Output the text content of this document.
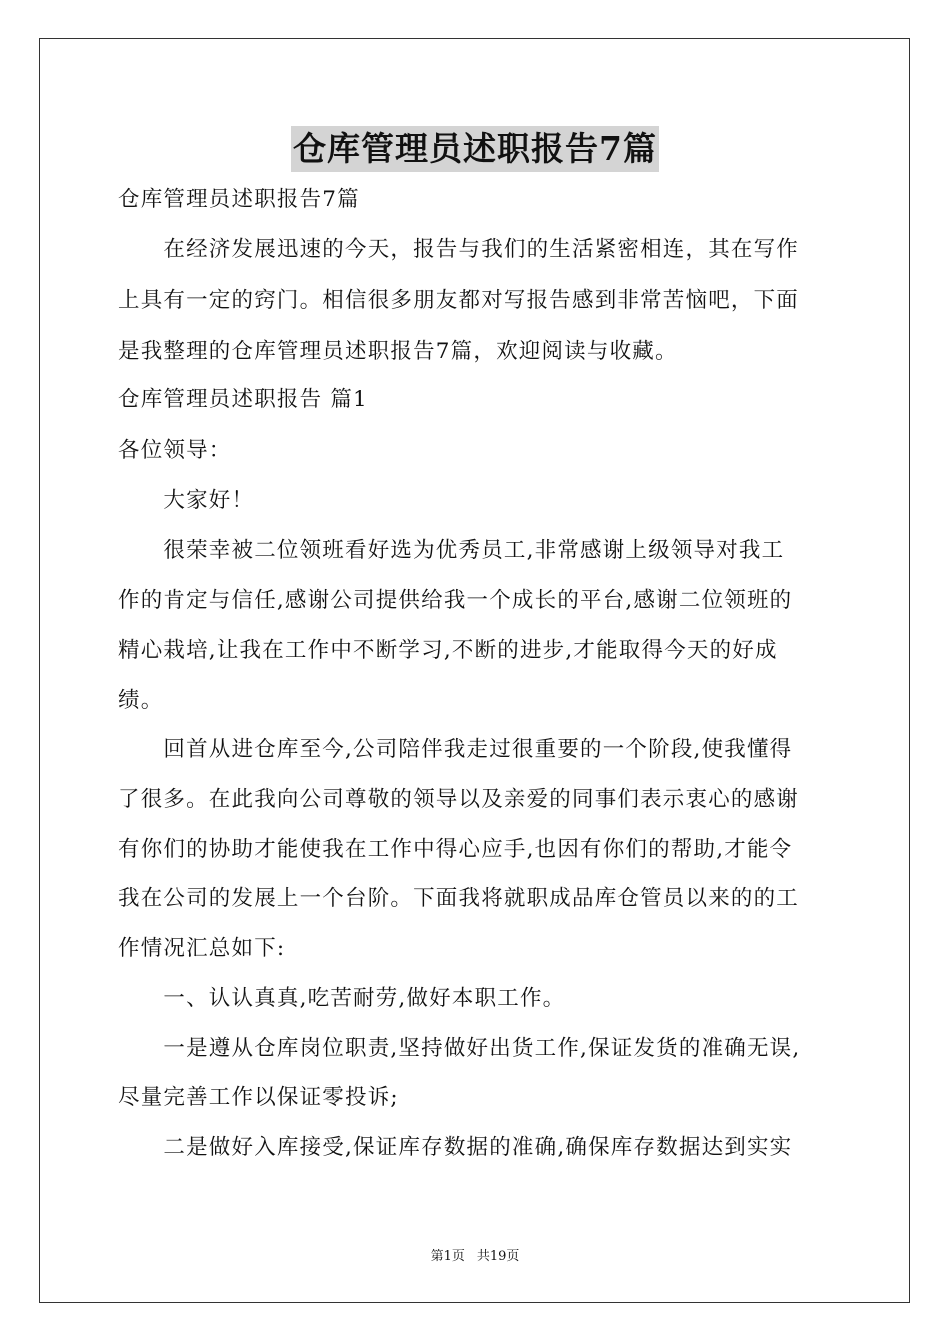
仓库管理员述职报告7篇
仓库管理员述职报告7篇
　　在经济发展迅速的今天，报告与我们的生活紧密相连，其在写作
上具有一定的窍门。相信很多朋友都对写报告感到非常苦恼吧，下面
是我整理的仓库管理员述职报告7篇，欢迎阅读与收藏。
仓库管理员述职报告 篇1
各位领导：
　　大家好！
　　很荣幸被二位领班看好选为优秀员工,非常感谢上级领导对我工
作的肯定与信任,感谢公司提供给我一个成长的平台,感谢二位领班的
精心栽培,让我在工作中不断学习,不断的进步,才能取得今天的好成
绩。
　　回首从进仓库至今,公司陪伴我走过很重要的一个阶段,使我懂得
了很多。在此我向公司尊敬的领导以及亲爱的同事们表示衷心的感谢
有你们的协助才能使我在工作中得心应手,也因有你们的帮助,才能令
我在公司的发展上一个台阶。下面我将就职成品库仓管员以来的的工
作情况汇总如下:
　　一、认认真真,吃苦耐劳,做好本职工作。
　　一是遵从仓库岗位职责,坚持做好出货工作,保证发货的准确无误,
尽量完善工作以保证零投诉;
　　二是做好入库接受,保证库存数据的准确,确保库存数据达到实实
第1页 共19页
